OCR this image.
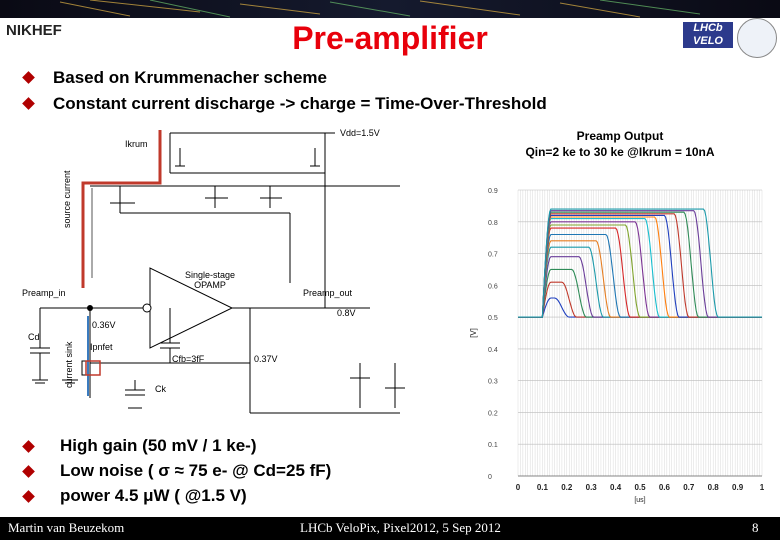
NIKHEF	Pre-amplifier	LHCb VELO
Based on Krummenacher scheme
Constant current discharge -> charge = Time-Over-Threshold
Ikrum
Vdd=1.5V
source current
current sink
Preamp_in	Preamp_out
Single-stage OPAMP
0.36V
0.8V
Cd
Ipnfet
Cfb=3fF	0.37V
Ck
Preamp Output
Qin=2 ke to 30 ke @Ikrum = 10nA
0
0.1
0.2
0.3
0.4
0.5
0.6
0.7
0.8
0.9
0 0.1 0.2 0.3 0.4 0.5 0.6 0.7 0.8 0.9 1
[V]
[us]
High gain (50 mV / 1 ke-)
Low noise ( σ ≈ 75 e- @ Cd=25 fF)
power 4.5 μW ( @1.5 V)
Martin van Beuzekom	LHCb VeloPix, Pixel2012, 5 Sep 2012	8
